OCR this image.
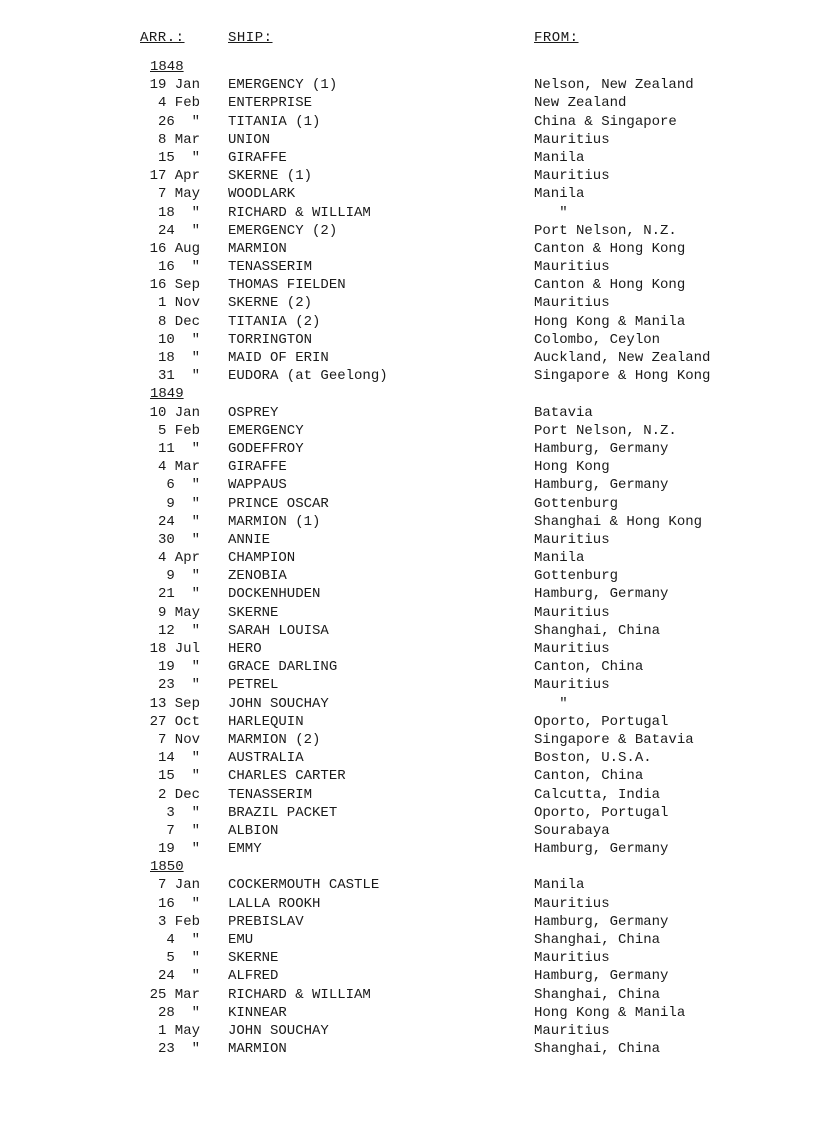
ARR.:	SHIP:	FROM:
1848
19 Jan EMERGENCY (1)	Nelson, New Zealand
4 Feb ENTERPRISE	New Zealand
26  " TITANIA (1)	China & Singapore
8 Mar UNION	Mauritius
15  " GIRAFFE	Manila
17 Apr SKERNE (1)	Mauritius
7 May WOODLARK	Manila
18  " RICHARD & WILLIAM	"
24  " EMERGENCY (2)	Port Nelson, N.Z.
16 Aug MARMION	Canton & Hong Kong
16  " TENASSERIM	Mauritius
16 Sep THOMAS FIELDEN	Canton & Hong Kong
1 Nov SKERNE (2)	Mauritius
8 Dec TITANIA (2)	Hong Kong & Manila
10  " TORRINGTON	Colombo, Ceylon
18  " MAID OF ERIN	Auckland, New Zealand
31  " EUDORA (at Geelong)	Singapore & Hong Kong
1849
10 Jan OSPREY	Batavia
5 Feb EMERGENCY	Port Nelson, N.Z.
11  " GODEFFROY	Hamburg, Germany
4 Mar GIRAFFE	Hong Kong
6  " WAPPAUS	Hamburg, Germany
9  " PRINCE OSCAR	Gottenburg
24  " MARMION (1)	Shanghai & Hong Kong
30  " ANNIE	Mauritius
4 Apr CHAMPION	Manila
9  " ZENOBIA	Gottenburg
21  " DOCKENHUDEN	Hamburg, Germany
9 May SKERNE	Mauritius
12  " SARAH LOUISA	Shanghai, China
18 Jul HERO	Mauritius
19  " GRACE DARLING	Canton, China
23  " PETREL	Mauritius
13 Sep JOHN SOUCHAY	"
27 Oct HARLEQUIN	Oporto, Portugal
7 Nov MARMION (2)	Singapore & Batavia
14  " AUSTRALIA	Boston, U.S.A.
15  " CHARLES CARTER	Canton, China
2 Dec TENASSERIM	Calcutta, India
3  " BRAZIL PACKET	Oporto, Portugal
7  " ALBION	Sourabaya
19  " EMMY	Hamburg, Germany
1850
7 Jan COCKERMOUTH CASTLE	Manila
16  " LALLA ROOKH	Mauritius
3 Feb PREBISLAV	Hamburg, Germany
4  " EMU	Shanghai, China
5  " SKERNE	Mauritius
24  " ALFRED	Hamburg, Germany
25 Mar RICHARD & WILLIAM	Shanghai, China
28  " KINNEAR	Hong Kong & Manila
1 May JOHN SOUCHAY	Mauritius
23  " MARMION	Shanghai, China
